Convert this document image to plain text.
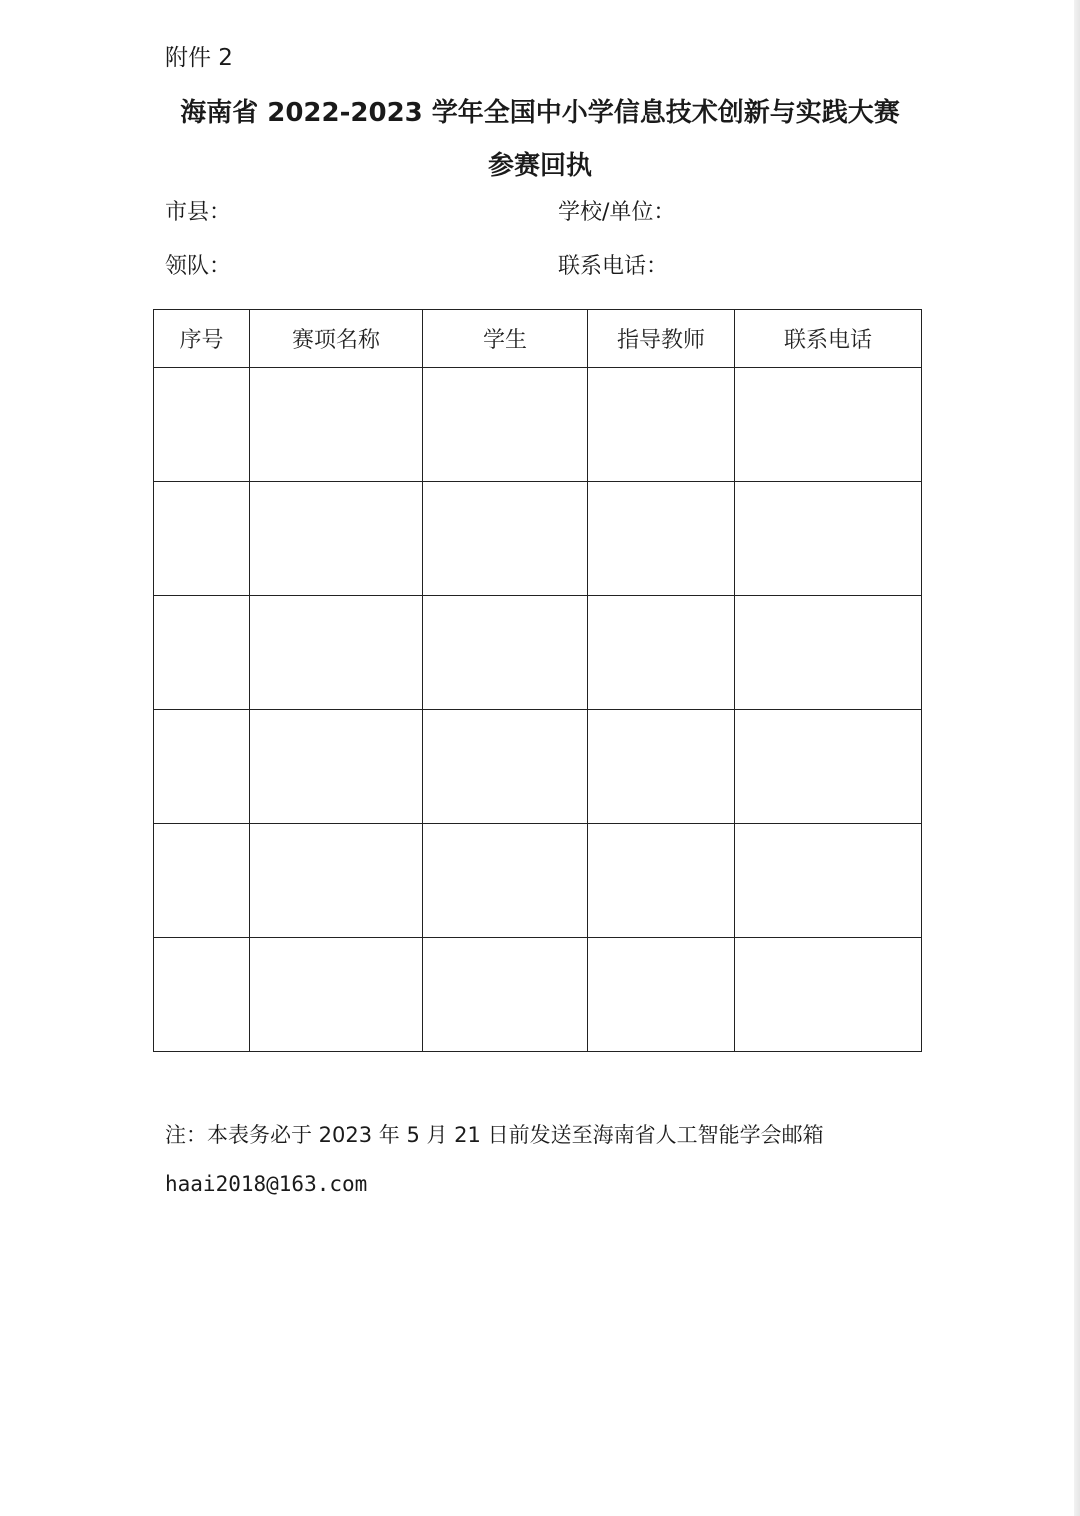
附件 2
海南省 2022-2023 学年全国中小学信息技术创新与实践大赛
参赛回执
市县：	学校/单位：
领队：	联系电话：
序号	赛项名称	学生	指导教师	联系电话

注：本表务必于 2023 年 5 月 21 日前发送至海南省人工智能学会邮箱
haai2018@163.com
